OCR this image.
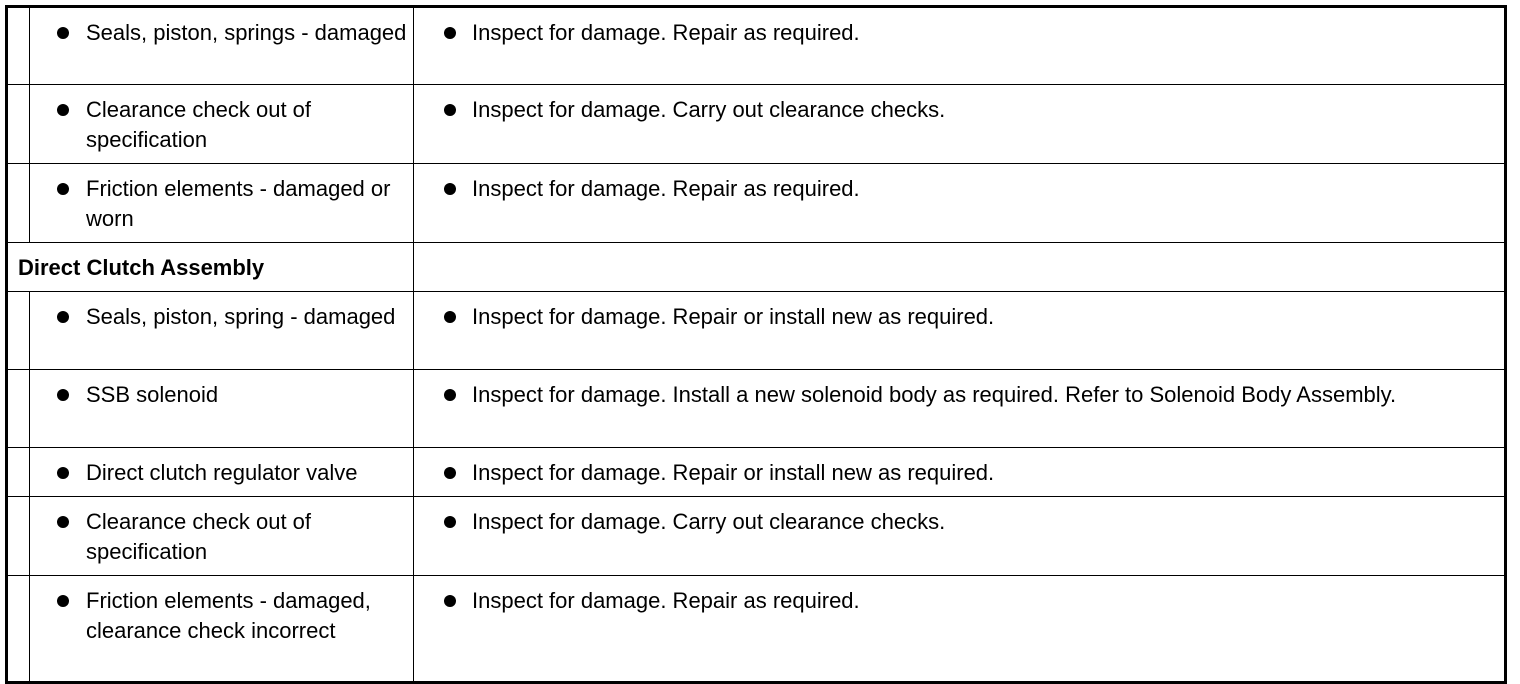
Seals, piston, springs - damaged	Inspect for damage. Repair as required.

Clearance check out of specification	Inspect for damage. Carry out clearance checks.

Friction elements - damaged or worn	Inspect for damage. Repair as required.

Direct Clutch Assembly		

Seals, piston, spring - damaged	Inspect for damage. Repair or install new as required.

SSB solenoid	Inspect for damage. Install a new solenoid body as required. Refer to Solenoid Body Assembly.

Direct clutch regulator valve	Inspect for damage. Repair or install new as required.

Clearance check out of specification	Inspect for damage. Carry out clearance checks.

Friction elements - damaged, clearance check incorrect	Inspect for damage. Repair as required.
